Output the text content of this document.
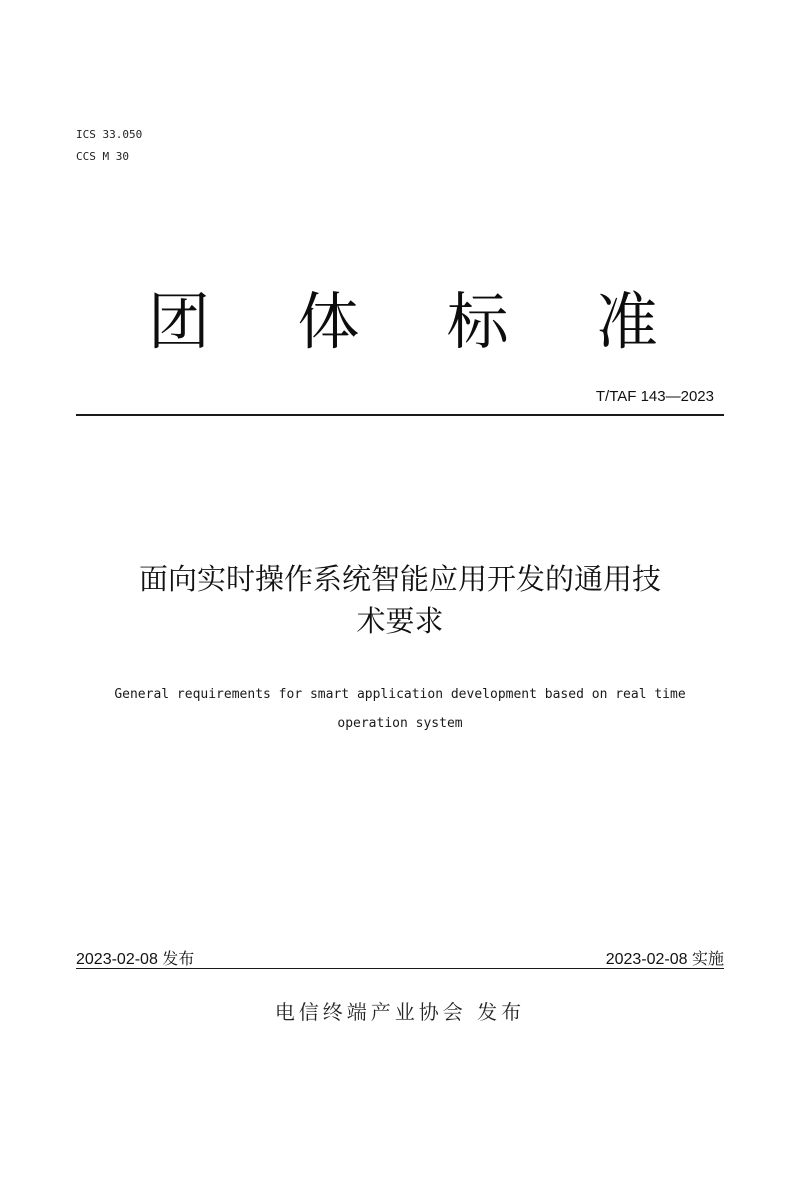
ICS 33.050
CCS M 30
团 体 标 准
T/TAF 143—2023
面向实时操作系统智能应用开发的通用技
术要求
General requirements for smart application development based on real time
operation system
2023-02-08 发布	2023-02-08 实施
电信终端产业协会 发布
